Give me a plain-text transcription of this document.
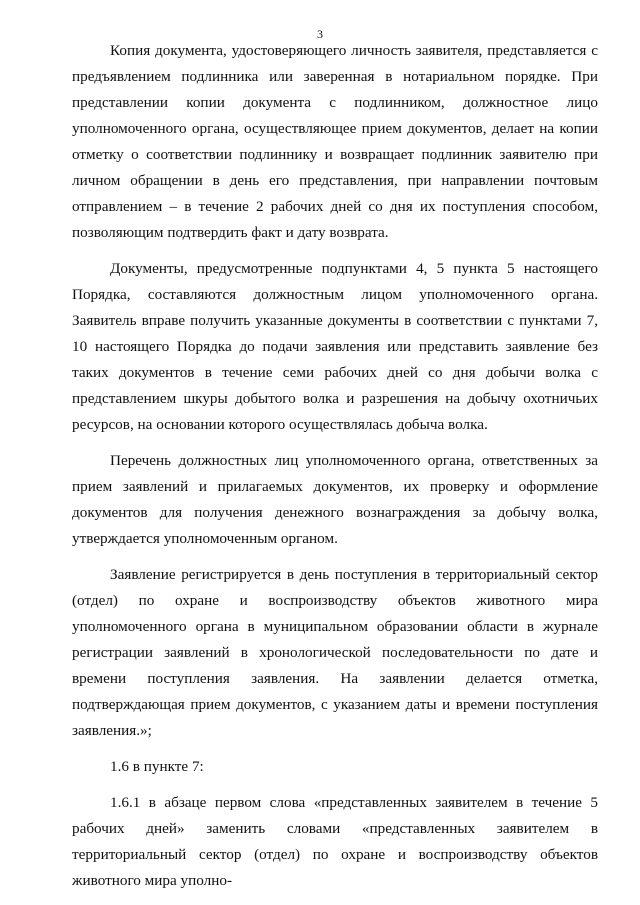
3

Копия документа, удостоверяющего личность заявителя, представляется с предъявлением подлинника или заверенная в нотариальном порядке. При представлении копии документа с подлинником, должностное лицо уполномоченного органа, осуществляющее прием документов, делает на копии отметку о соответствии подлиннику и возвращает подлинник заявителю при личном обращении в день его представления, при направлении почтовым отправлением – в течение 2 рабочих дней со дня их поступления способом, позволяющим подтвердить факт и дату возврата.

Документы, предусмотренные подпунктами 4, 5 пункта 5 настоящего Порядка, составляются должностным лицом уполномоченного органа. Заявитель вправе получить указанные документы в соответствии с пунктами 7, 10 настоящего Порядка до подачи заявления или представить заявление без таких документов в течение семи рабочих дней со дня добычи волка с представлением шкуры добытого волка и разрешения на добычу охотничьих ресурсов, на основании которого осуществлялась добыча волка.

Перечень должностных лиц уполномоченного органа, ответственных за прием заявлений и прилагаемых документов, их проверку и оформление документов для получения денежного вознаграждения за добычу волка, утверждается уполномоченным органом.

Заявление регистрируется в день поступления в территориальный сектор (отдел) по охране и воспроизводству объектов животного мира уполномоченного органа в муниципальном образовании области в журнале регистрации заявлений в хронологической последовательности по дате и времени поступления заявления. На заявлении делается отметка, подтверждающая прием документов, с указанием даты и времени поступления заявления.»;

1.6 в пункте 7:

1.6.1 в абзаце первом слова «представленных заявителем в течение 5 рабочих дней» заменить словами «представленных заявителем в территориальный сектор (отдел) по охране и воспроизводству объектов животного мира уполно-
